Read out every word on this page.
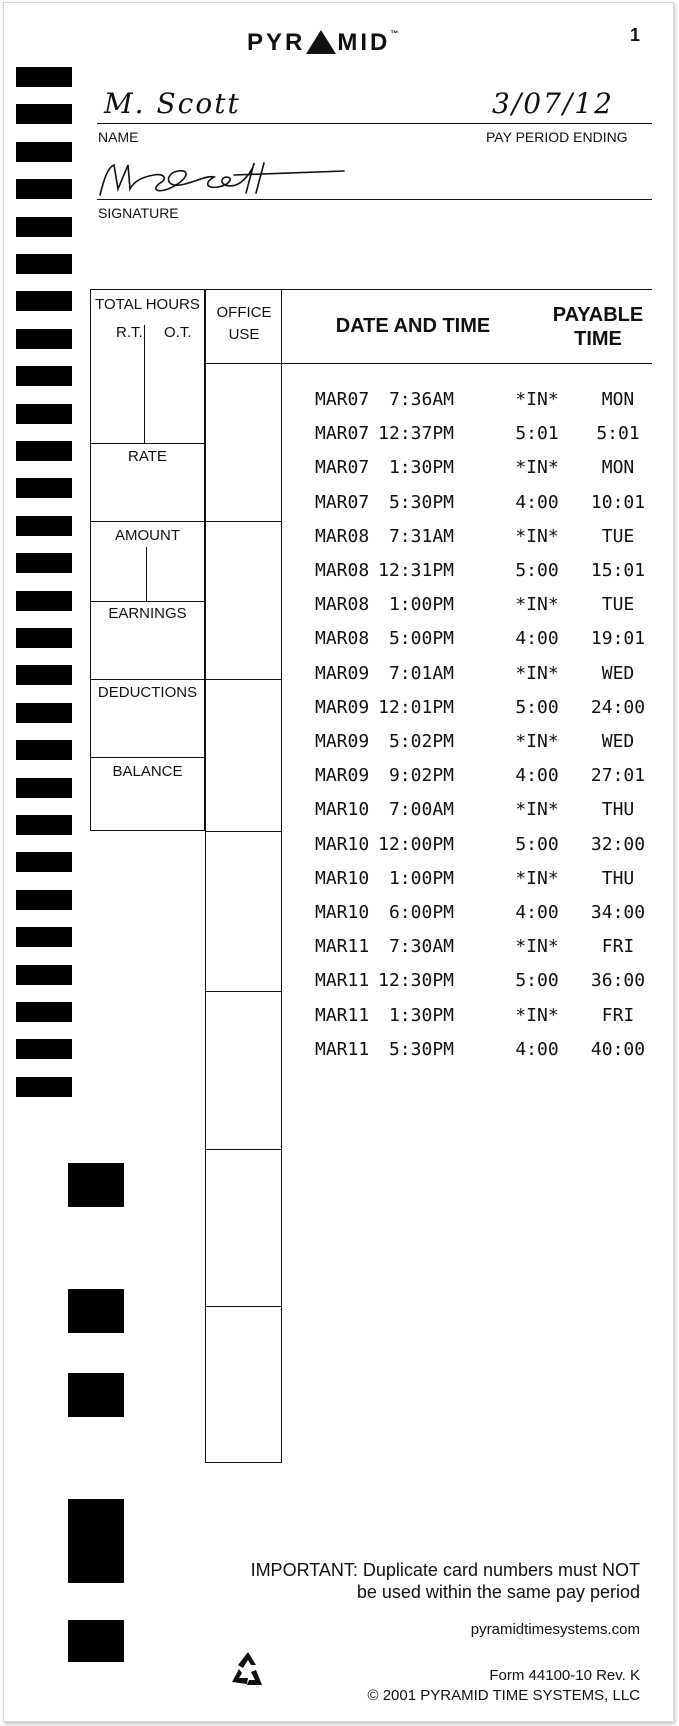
PYR MID™	1
M. Scott	3/07/12
NAME	PAY PERIOD ENDING
SIGNATURE
TOTAL HOURS
R.T. O.T.
RATE
AMOUNT
EARNINGS
DEDUCTIONS
BALANCE
OFFICE
USE	DATE AND TIME	PAYABLE
TIME
MAR07 7:36AM	*IN*	MON
MAR07 12:37PM	5:01	5:01
MAR07 1:30PM	*IN*	MON
MAR07 5:30PM	4:00	10:01
MAR08 7:31AM	*IN*	TUE
MAR08 12:31PM	5:00	15:01
MAR08 1:00PM	*IN*	TUE
MAR08 5:00PM	4:00	19:01
MAR09 7:01AM	*IN*	WED
MAR09 12:01PM	5:00	24:00
MAR09 5:02PM	*IN*	WED
MAR09 9:02PM	4:00	27:01
MAR10 7:00AM	*IN*	THU
MAR10 12:00PM	5:00	32:00
MAR10 1:00PM	*IN*	THU
MAR10 6:00PM	4:00	34:00
MAR11 7:30AM	*IN*	FRI
MAR11 12:30PM	5:00	36:00
MAR11 1:30PM	*IN*	FRI
MAR11 5:30PM	4:00	40:00
IMPORTANT: Duplicate card numbers must NOT
be used within the same pay period
pyramidtimesystems.com
Form 44100-10 Rev. K
© 2001 PYRAMID TIME SYSTEMS, LLC
